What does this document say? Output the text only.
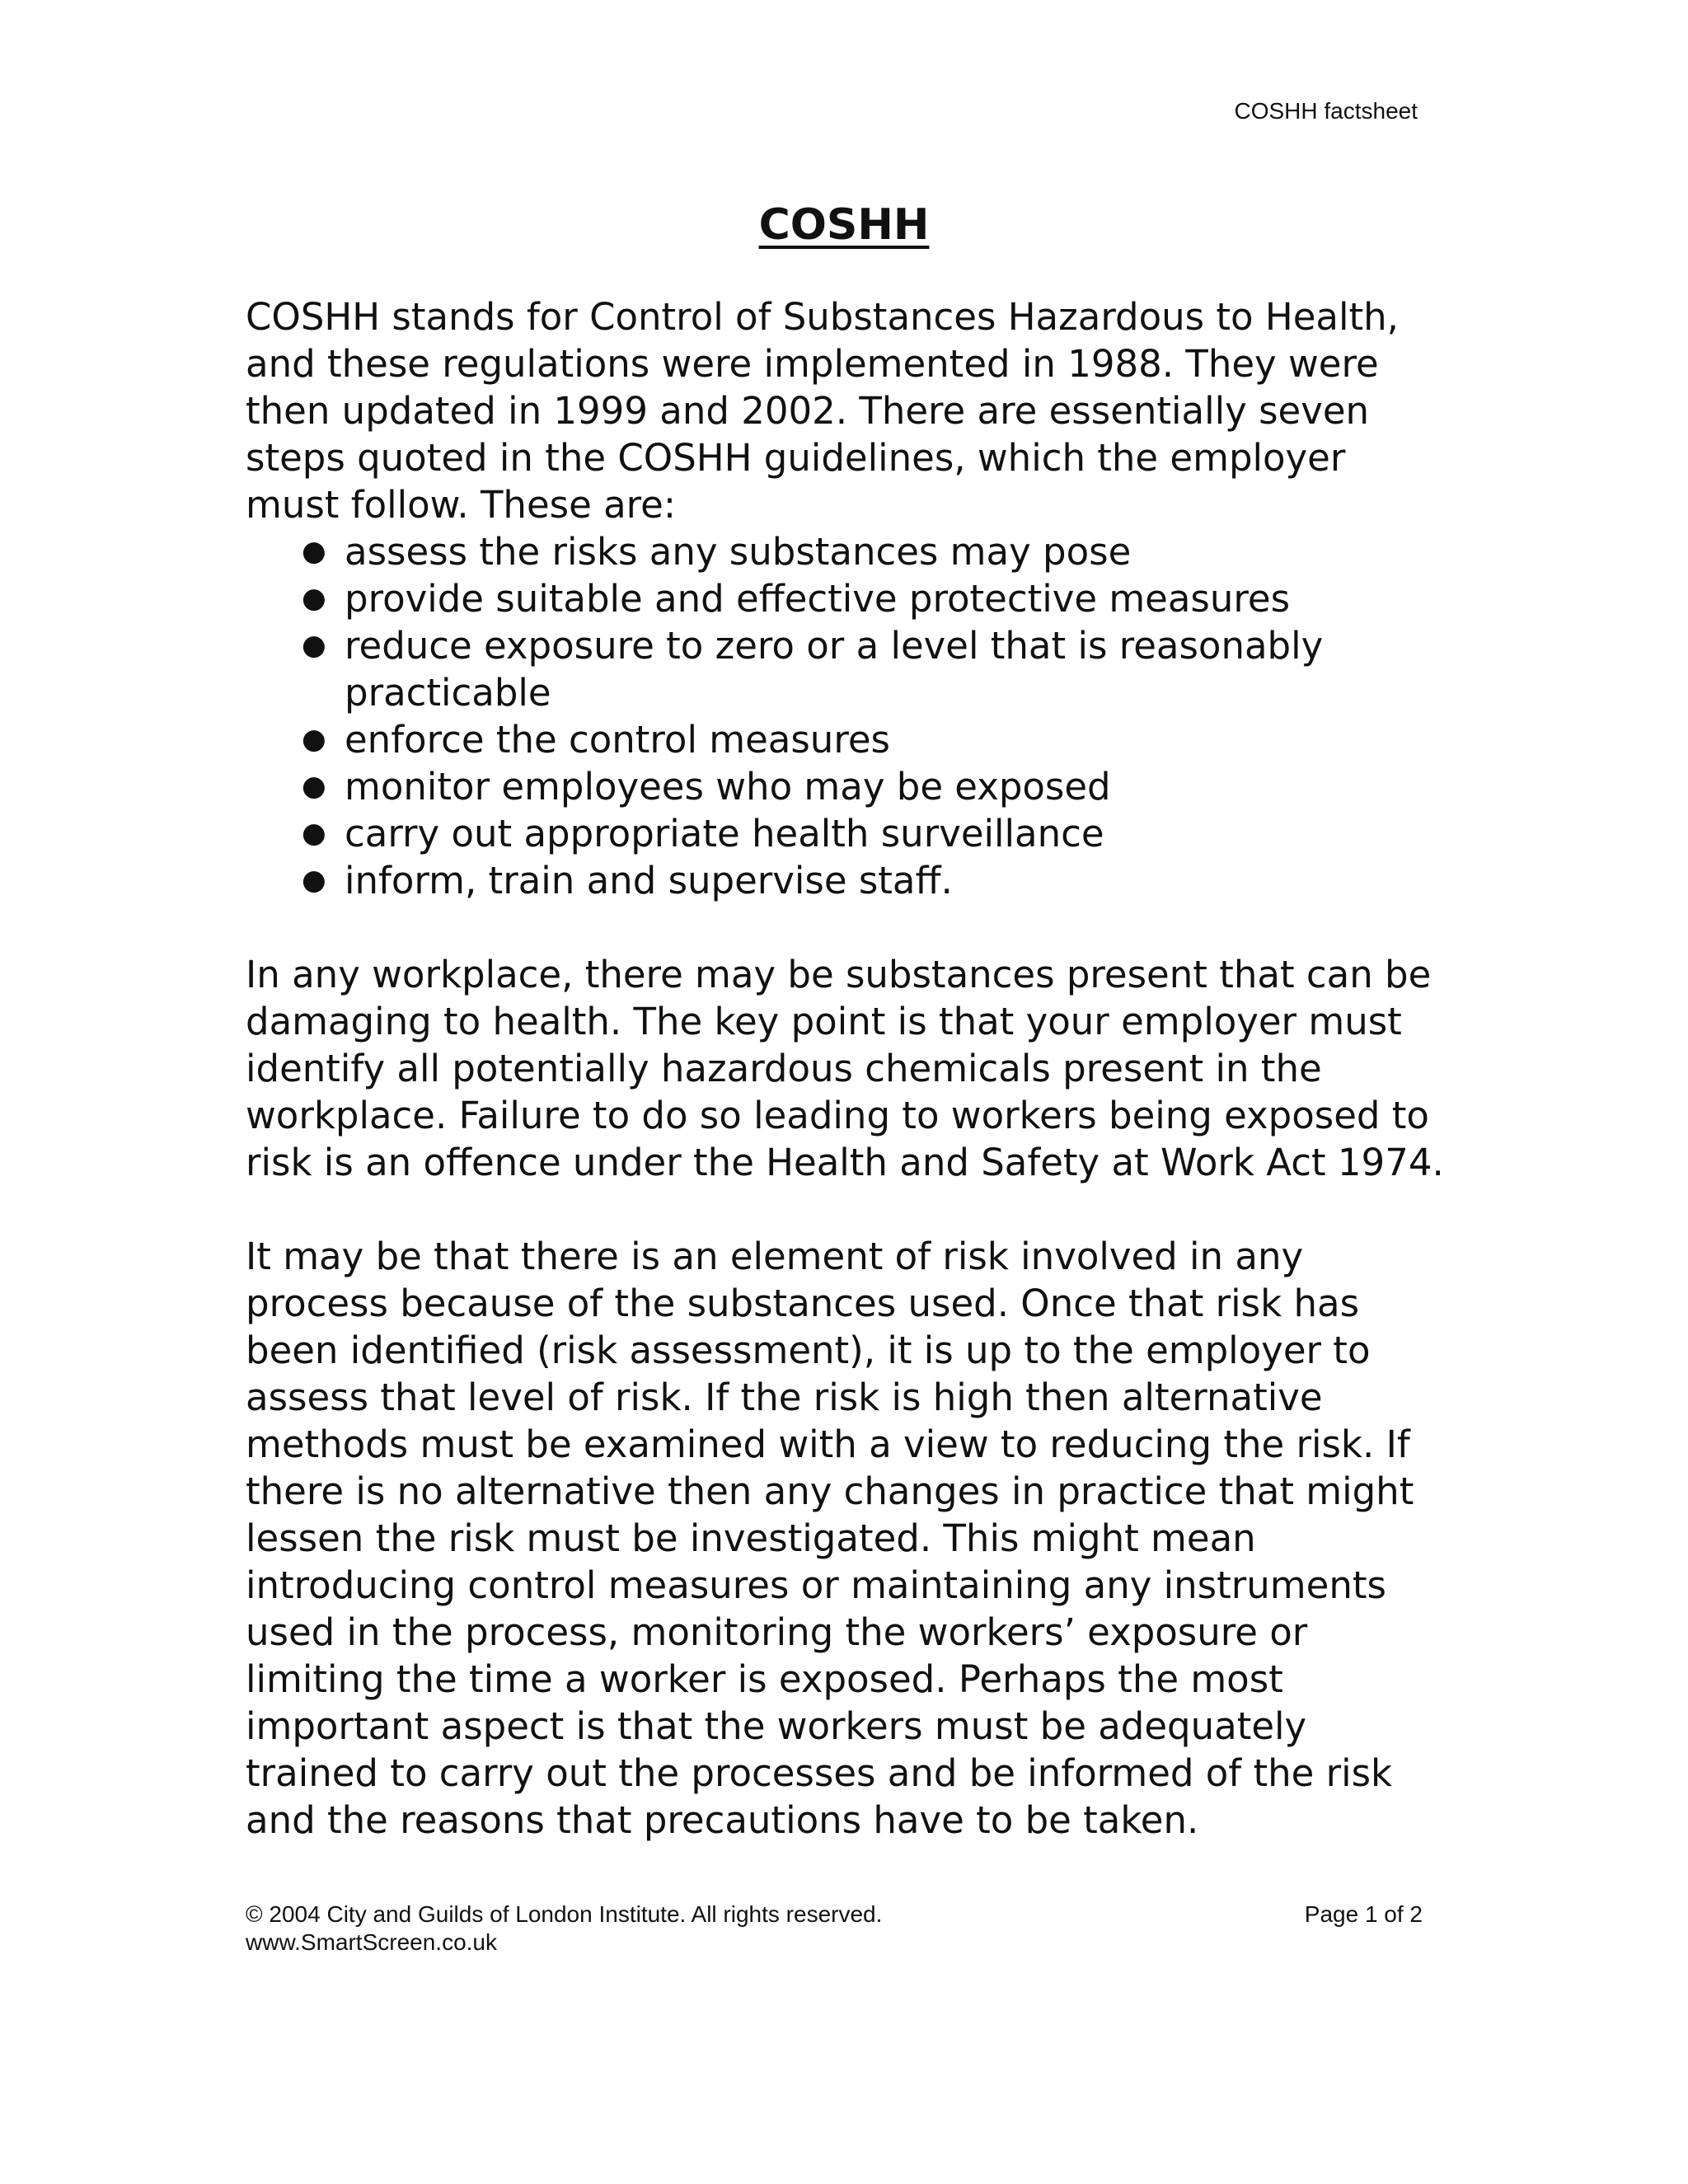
COSHH factsheet
COSHH

COSHH stands for Control of Substances Hazardous to Health, and these regulations were implemented in 1988. They were then updated in 1999 and 2002. There are essentially seven steps quoted in the COSHH guidelines, which the employer must follow. These are:

● assess the risks any substances may pose
● provide suitable and effective protective measures
● reduce exposure to zero or a level that is reasonably practicable
● enforce the control measures
● monitor employees who may be exposed
● carry out appropriate health surveillance
● inform, train and supervise staff.

In any workplace, there may be substances present that can be damaging to health. The key point is that your employer must identify all potentially hazardous chemicals present in the workplace. Failure to do so leading to workers being exposed to risk is an offence under the Health and Safety at Work Act 1974.

It may be that there is an element of risk involved in any process because of the substances used. Once that risk has been identified (risk assessment), it is up to the employer to assess that level of risk. If the risk is high then alternative methods must be examined with a view to reducing the risk. If there is no alternative then any changes in practice that might lessen the risk must be investigated. This might mean introducing control measures or maintaining any instruments used in the process, monitoring the workers’ exposure or limiting the time a worker is exposed. Perhaps the most important aspect is that the workers must be adequately trained to carry out the processes and be informed of the risk and the reasons that precautions have to be taken.

© 2004 City and Guilds of London Institute. All rights reserved.	Page 1 of 2
www.SmartScreen.co.uk
